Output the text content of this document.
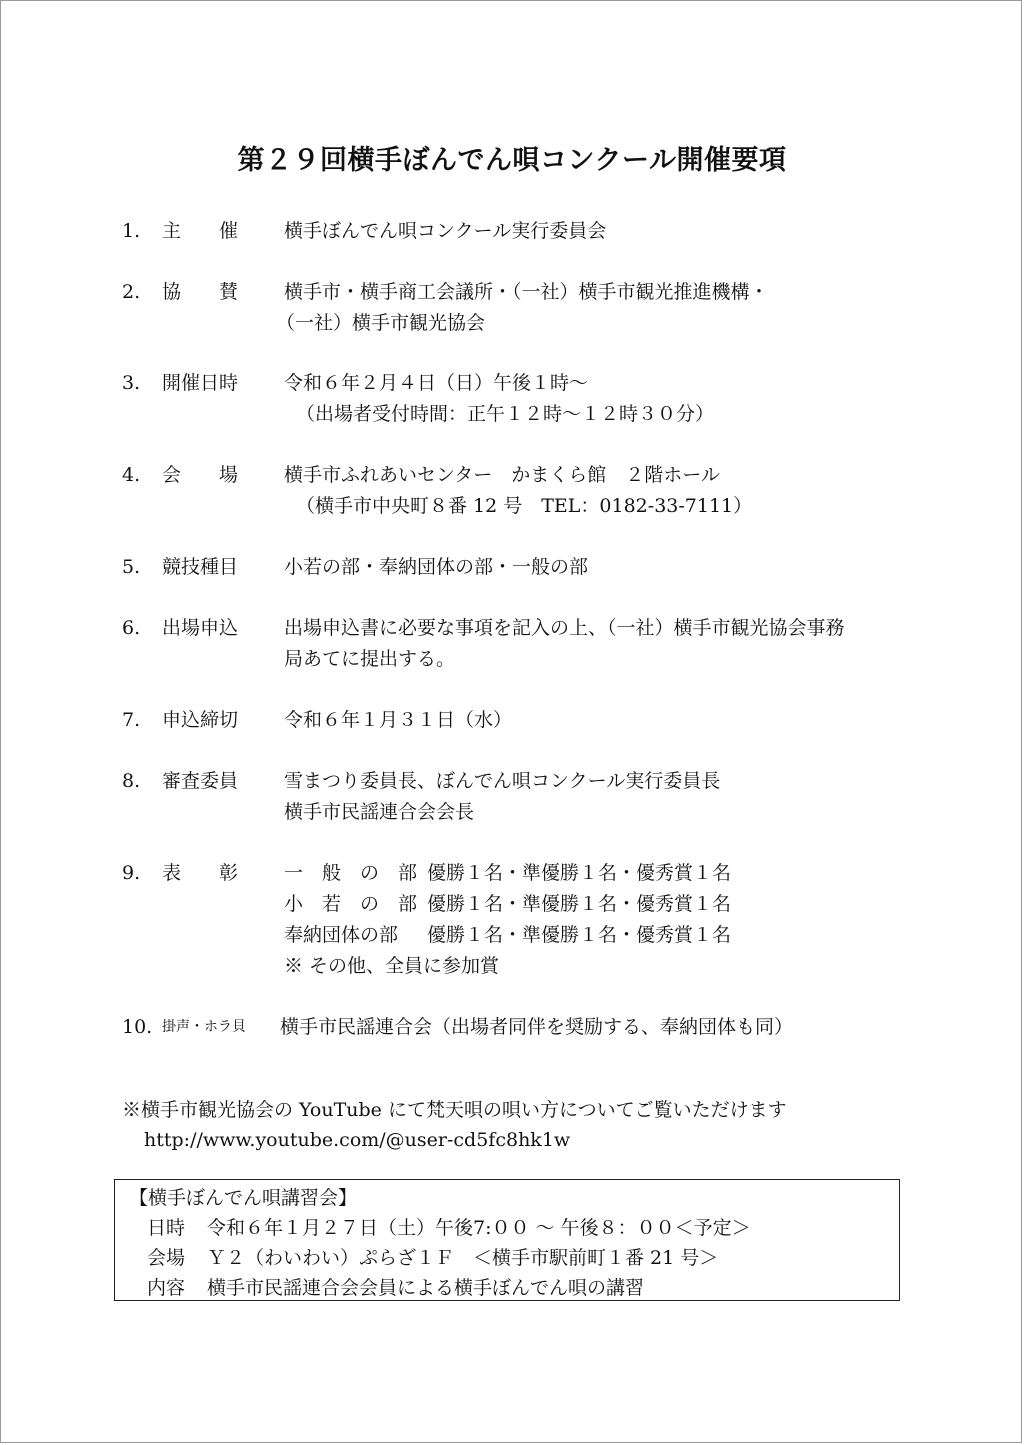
第２９回横手ぼんでん唄コンクール開催要項
1.	主　　催	横手ぼんでん唄コンクール実行委員会
2.	協　　賛	横手市・横手商工会議所・（一社）横手市観光推進機構・
（一社）横手市観光協会
3.	開催日時	令和６年２月４日（日）午後１時〜
（出場者受付時間：正午１２時〜１２時３０分）
4.	会　　場	横手市ふれあいセンター　かまくら館　２階ホール
（横手市中央町８番 12 号　TEL：0182-33-7111）
5.	競技種目	小若の部・奉納団体の部・一般の部
6.	出場申込	出場申込書に必要な事項を記入の上、（一社）横手市観光協会事務
局あてに提出する。
7.	申込締切	令和６年１月３１日（水）
8.	審査委員	雪まつり委員長、ぼんでん唄コンクール実行委員長
横手市民謡連合会会長
9.	表　　彰	一　般　の　部 優勝１名・準優勝１名・優秀賞１名
小　若　の　部 優勝１名・準優勝１名・優秀賞１名
奉納団体の部 優勝１名・準優勝１名・優秀賞１名
※ その他、全員に参加賞
10. 掛声・ホラ貝 横手市民謡連合会（出場者同伴を奨励する、奉納団体も同）
※横手市観光協会の YouTube にて梵天唄の唄い方についてご覧いただけます
http://www.youtube.com/@user-cd5fc8hk1w
【横手ぼんでん唄講習会】
日時 令和６年１月２７日（土）午後7:００ 〜 午後８：００＜予定＞
会場 Ｙ２（わいわい）ぷらざ１Ｆ　＜横手市駅前町１番 21 号＞
内容 横手市民謡連合会会員による横手ぼんでん唄の講習
